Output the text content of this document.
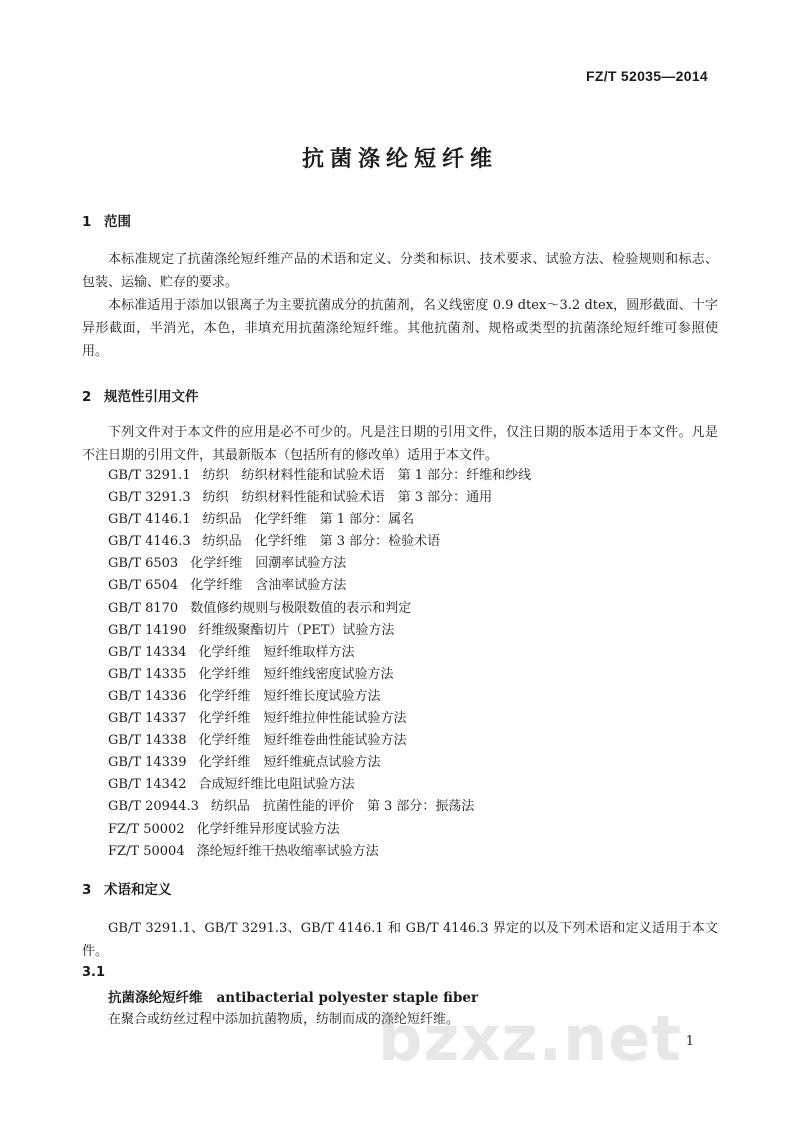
FZ/T 52035—2014
抗菌涤纶短纤维
1 范围
本标准规定了抗菌涤纶短纤维产品的术语和定义、分类和标识、技术要求、试验方法、检验规则和标志、包装、运输、贮存的要求。
本标准适用于添加以银离子为主要抗菌成分的抗菌剂，名义线密度 0.9 dtex～3.2 dtex，圆形截面、十字异形截面，半消光，本色，非填充用抗菌涤纶短纤维。其他抗菌剂、规格或类型的抗菌涤纶短纤维可参照使用。
2 规范性引用文件
下列文件对于本文件的应用是必不可少的。凡是注日期的引用文件，仅注日期的版本适用于本文件。凡是不注日期的引用文件，其最新版本（包括所有的修改单）适用于本文件。
GB/T 3291.1 纺织　纺织材料性能和试验术语　第 1 部分：纤维和纱线
GB/T 3291.3 纺织　纺织材料性能和试验术语　第 3 部分：通用
GB/T 4146.1 纺织品　化学纤维　第 1 部分：属名
GB/T 4146.3 纺织品　化学纤维　第 3 部分：检验术语
GB/T 6503 化学纤维　回潮率试验方法
GB/T 6504 化学纤维　含油率试验方法
GB/T 8170 数值修约规则与极限数值的表示和判定
GB/T 14190 纤维级聚酯切片（PET）试验方法
GB/T 14334 化学纤维　短纤维取样方法
GB/T 14335 化学纤维　短纤维线密度试验方法
GB/T 14336 化学纤维　短纤维长度试验方法
GB/T 14337 化学纤维　短纤维拉伸性能试验方法
GB/T 14338 化学纤维　短纤维卷曲性能试验方法
GB/T 14339 化学纤维　短纤维疵点试验方法
GB/T 14342 合成短纤维比电阻试验方法
GB/T 20944.3 纺织品　抗菌性能的评价　第 3 部分：振荡法
FZ/T 50002 化学纤维异形度试验方法
FZ/T 50004 涤纶短纤维干热收缩率试验方法
3 术语和定义
GB/T 3291.1、GB/T 3291.3、GB/T 4146.1 和 GB/T 4146.3 界定的以及下列术语和定义适用于本文件。
3.1
抗菌涤纶短纤维 antibacterial polyester staple fiber
在聚合或纺丝过程中添加抗菌物质，纺制而成的涤纶短纤维。
1
bzxz.net
